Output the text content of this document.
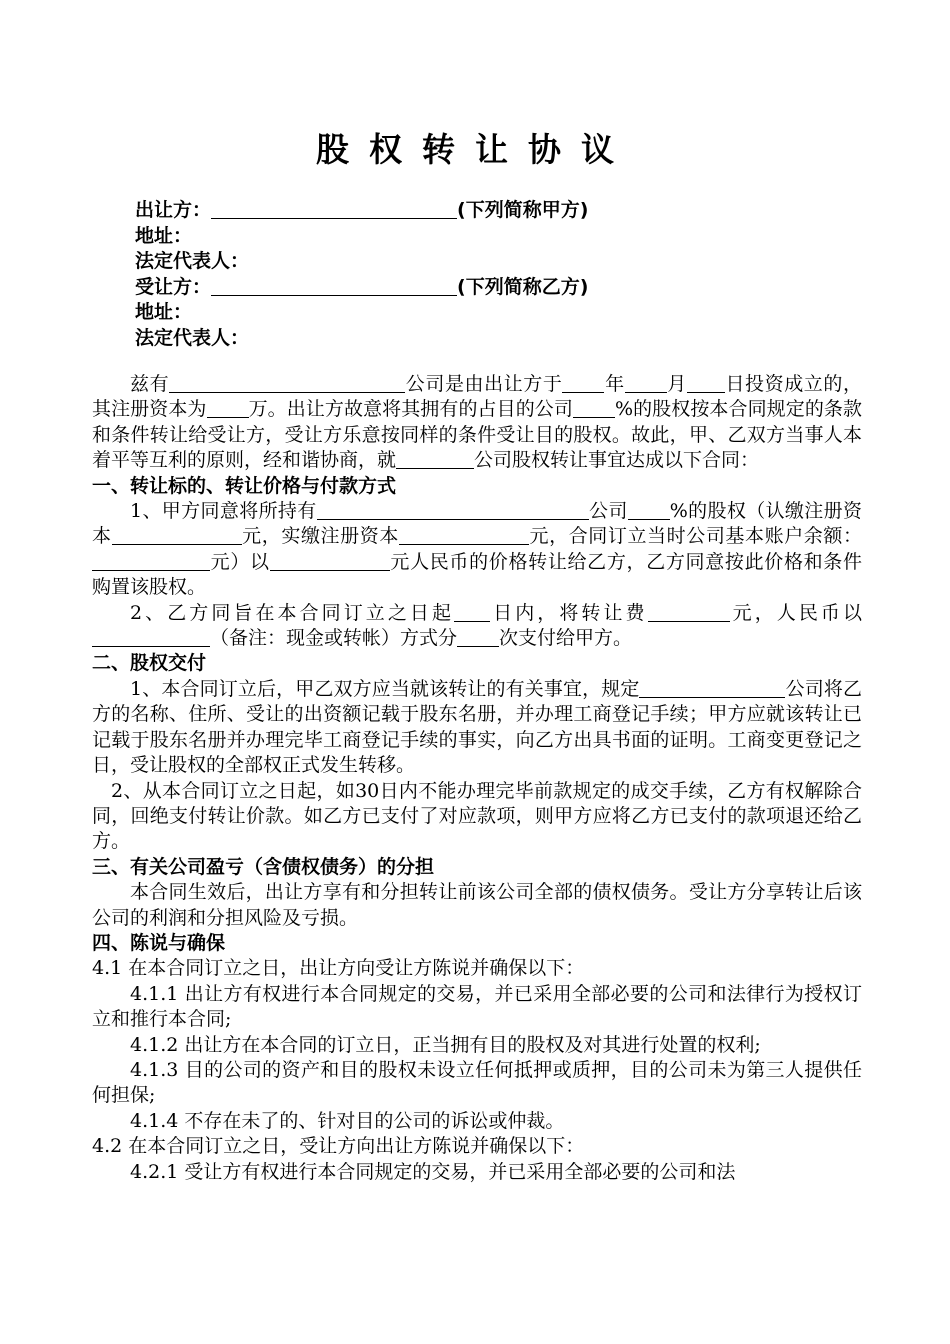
股权转让协议
出让方：	(下列简称甲方)
地址：
法定代表人：
受让方：	(下列简称乙方)
地址：
法定代表人：

兹有	公司是由出让方于 年 月 日投资成立的，其注册资本为 万。出让方故意将其拥有的占目的公司 %的股权按本合同规定的条款和条件转让给受让方，受让方乐意按同样的条件受让目的股权。故此，甲、乙双方当事人本着平等互利的原则，经和谐协商，就	公司股权转让事宜达成以下合同：

一、转让标的、转让价格与付款方式

1、甲方同意将所持有	公司 %的股权（认缴注册资本	元，实缴注册资本	元，合同订立当时公司基本账户余额：元）以	元人民币的价格转让给乙方，乙方同意按此价格和条件购置该股权。

2、乙方同旨在本合同订立之日起 日内，将转让费	元，人民币以（备注：现金或转帐）方式分 次支付给甲方。

二、股权交付

1、本合同订立后，甲乙双方应当就该转让的有关事宜，规定	公司将乙方的名称、住所、受让的出资额记载于股东名册，并办理工商登记手续；甲方应就该转让已记载于股东名册并办理完毕工商登记手续的事实，向乙方出具书面的证明。工商变更登记之日，受让股权的全部权正式发生转移。

2、从本合同订立之日起，如30日内不能办理完毕前款规定的成交手续，乙方有权解除合同，回绝支付转让价款。如乙方已支付了对应款项，则甲方应将乙方已支付的款项退还给乙方。

三、有关公司盈亏（含债权债务）的分担

本合同生效后，出让方享有和分担转让前该公司全部的债权债务。受让方分享转让后该公司的利润和分担风险及亏损。

四、陈说与确保

4.1 在本合同订立之日，出让方向受让方陈说并确保以下：

4.1.1 出让方有权进行本合同规定的交易，并已采用全部必要的公司和法律行为授权订立和推行本合同;

4.1.2 出让方在本合同的订立日，正当拥有目的股权及对其进行处置的权利;

4.1.3 目的公司的资产和目的股权未设立任何抵押或质押，目的公司未为第三人提供任何担保;

4.1.4 不存在未了的、针对目的公司的诉讼或仲裁。

4.2 在本合同订立之日，受让方向出让方陈说并确保以下：

4.2.1 受让方有权进行本合同规定的交易，并已采用全部必要的公司和法
